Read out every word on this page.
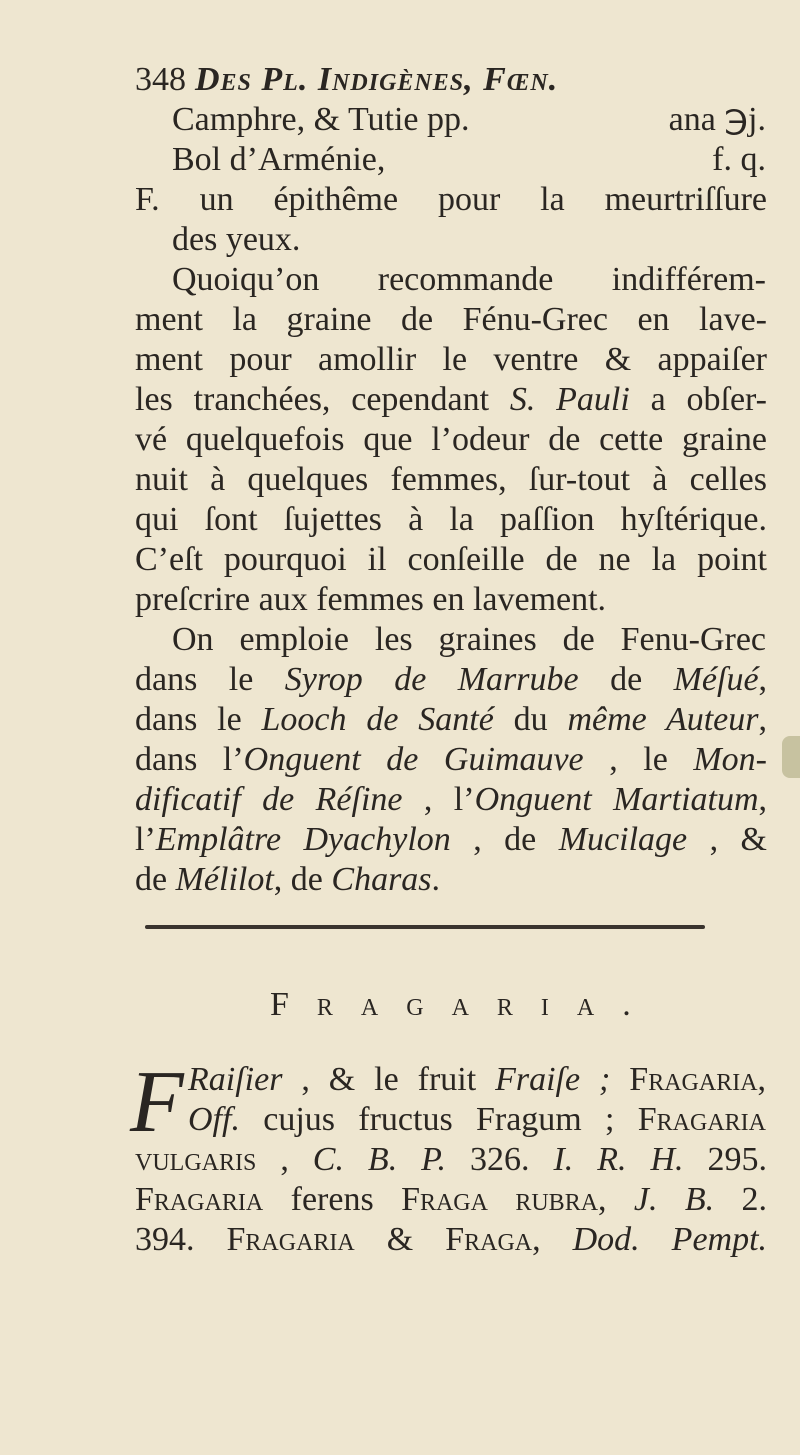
348 Des Pl. Indigènes, Fœn.
Camphre, & Tutie pp.	ana ℈j.
Bol d’Arménie,	f. q.
F. un épithême pour la meurtriſſure
des yeux.
Quoiqu’on recommande indifférem-
ment la graine de Fénu-Grec en lave-
ment pour amollir le ventre & appaiſer
les tranchées, cependant S. Pauli a obſer-
vé quelquefois que l’odeur de cette graine
nuit à quelques femmes, ſur-tout à celles
qui ſont ſujettes à la paſſion hyſtérique.
C’eſt pourquoi il conſeille de ne la point
preſcrire aux femmes en lavement.
On emploie les graines de Fenu-Grec
dans le Syrop de Marrube de Méſué,
dans le Looch de Santé du même Auteur,
dans l’Onguent de Guimauve , le Mon-
dificatif de Réſine , l’Onguent Martiatum,
l’Emplâtre Dyachylon , de Mucilage , &
de Mélilot, de Charas.
Fragaria.
F Raiſier , & le fruit Fraiſe ; Fragaria,
Off. cujus fructus Fragum ; Fragaria
vulgaris , C. B. P. 326. I. R. H. 295.
Fragaria ferens Fraga rubra, J. B. 2.
394. Fragaria & Fraga, Dod. Pempt.
